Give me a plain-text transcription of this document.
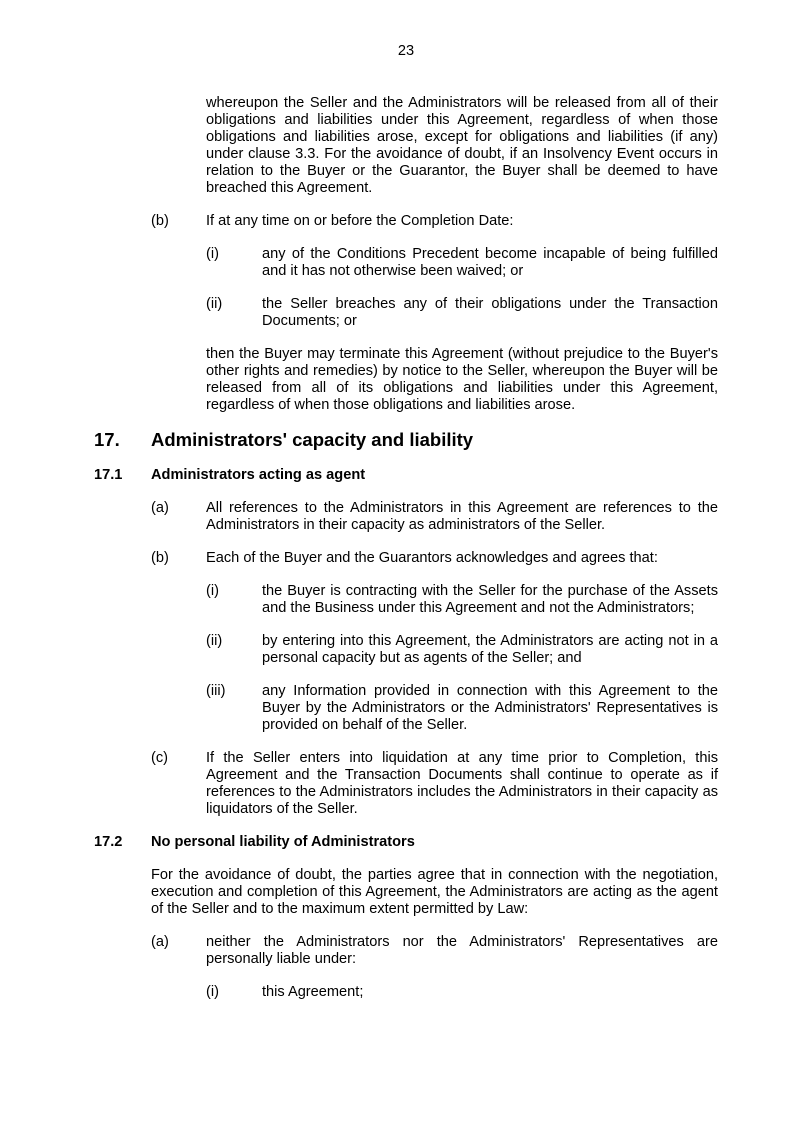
23
whereupon the Seller and the Administrators will be released from all of their obligations and liabilities under this Agreement, regardless of when those obligations and liabilities arose, except for obligations and liabilities (if any) under clause 3.3. For the avoidance of doubt, if an Insolvency Event occurs in relation to the Buyer or the Guarantor, the Buyer shall be deemed to have breached this Agreement.
(b)	If at any time on or before the Completion Date:
(i)	any of the Conditions Precedent become incapable of being fulfilled and it has not otherwise been waived; or
(ii)	the Seller breaches any of their obligations under the Transaction Documents; or
then the Buyer may terminate this Agreement (without prejudice to the Buyer's other rights and remedies) by notice to the Seller, whereupon the Buyer will be released from all of its obligations and liabilities under this Agreement, regardless of when those obligations and liabilities arose.
17.	Administrators' capacity and liability
17.1	Administrators acting as agent
(a)	All references to the Administrators in this Agreement are references to the Administrators in their capacity as administrators of the Seller.
(b)	Each of the Buyer and the Guarantors acknowledges and agrees that:
(i)	the Buyer is contracting with the Seller for the purchase of the Assets and the Business under this Agreement and not the Administrators;
(ii)	by entering into this Agreement, the Administrators are acting not in a personal capacity but as agents of the Seller; and
(iii)	any Information provided in connection with this Agreement to the Buyer by the Administrators or the Administrators' Representatives is provided on behalf of the Seller.
(c)	If the Seller enters into liquidation at any time prior to Completion, this Agreement and the Transaction Documents shall continue to operate as if references to the Administrators includes the Administrators in their capacity as liquidators of the Seller.
17.2	No personal liability of Administrators
For the avoidance of doubt, the parties agree that in connection with the negotiation, execution and completion of this Agreement, the Administrators are acting as the agent of the Seller and to the maximum extent permitted by Law:
(a)	neither the Administrators nor the Administrators' Representatives are personally liable under:
(i)	this Agreement;
